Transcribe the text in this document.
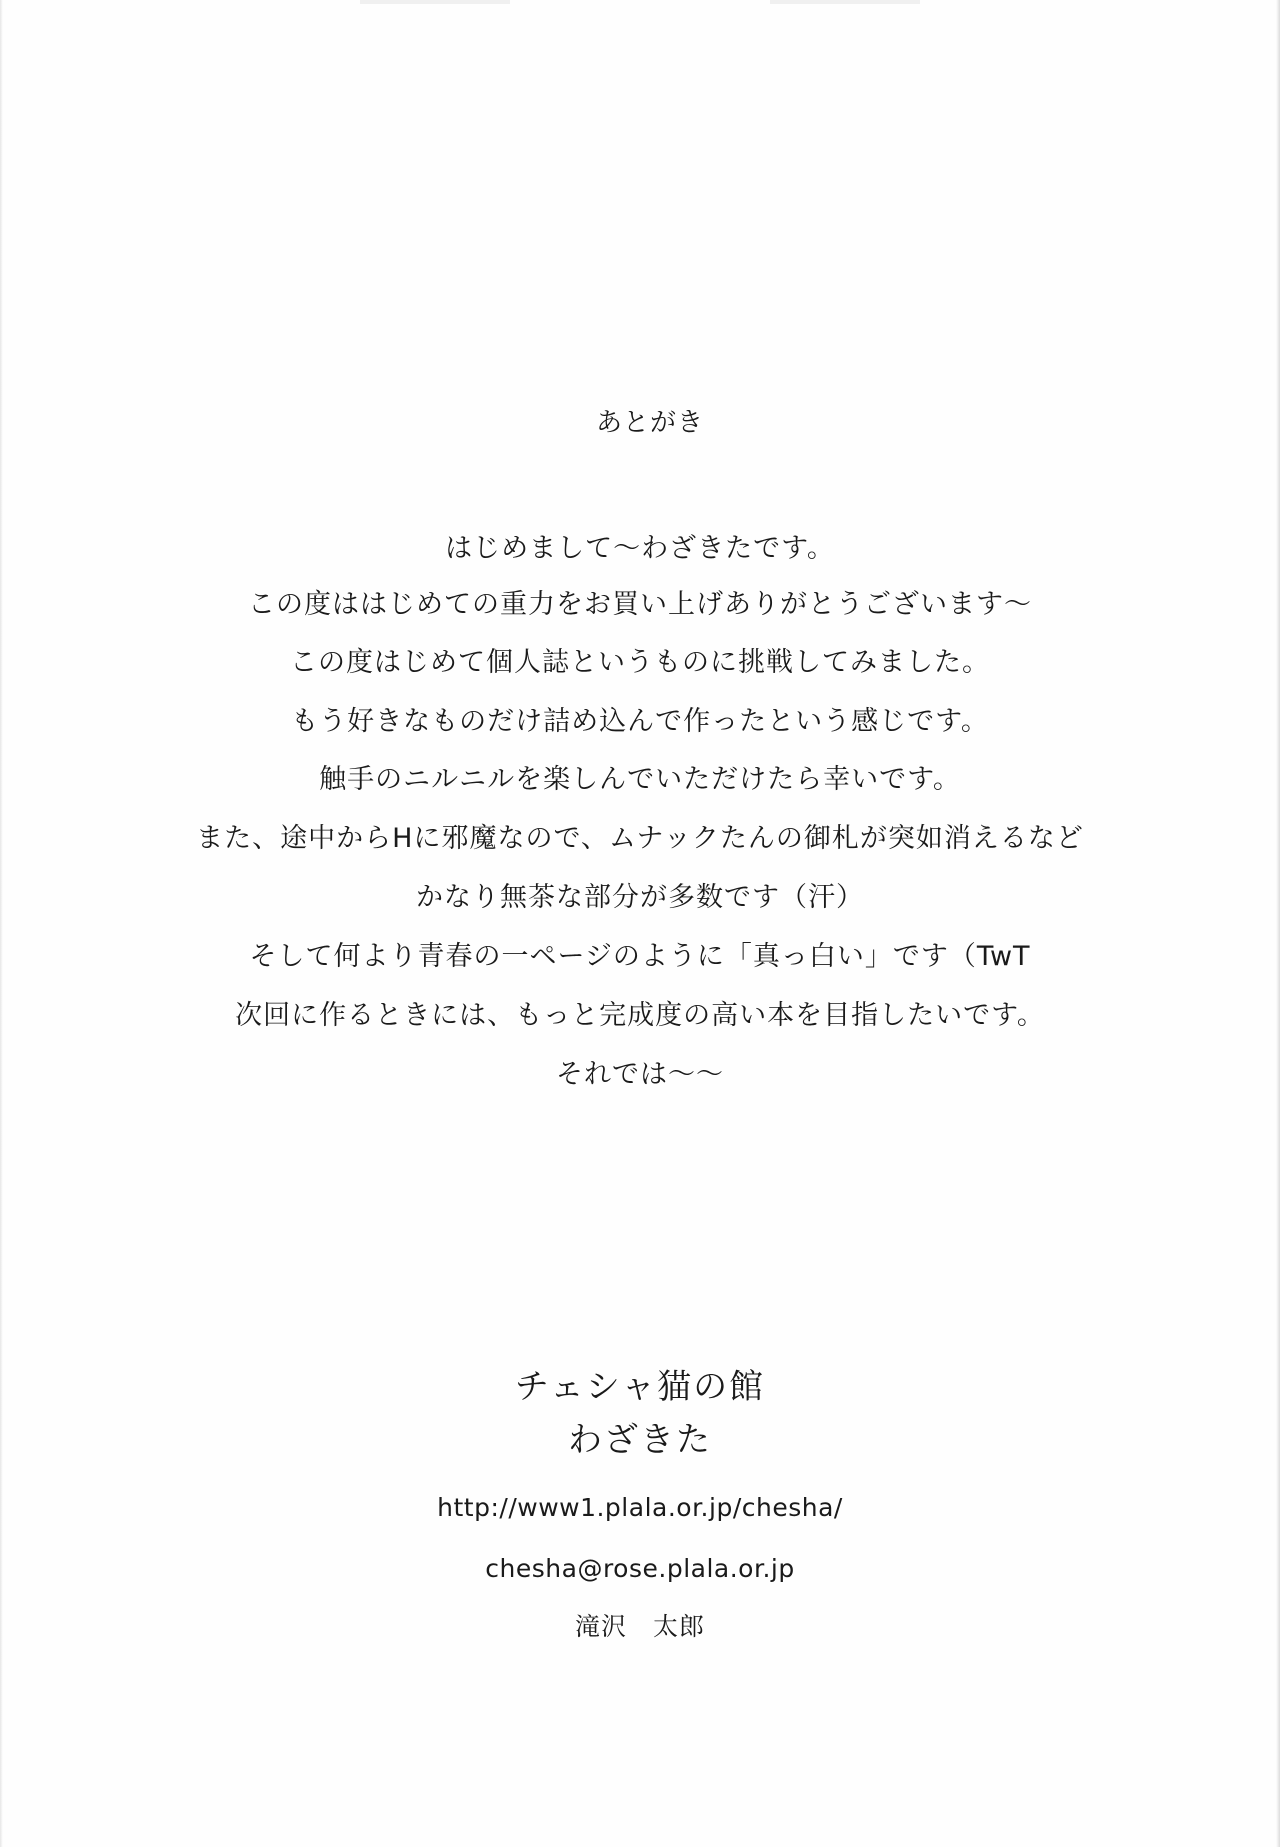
あとがき
はじめまして～わざきたです。
この度ははじめての重力をお買い上げありがとうございます～
この度はじめて個人誌というものに挑戦してみました。
もう好きなものだけ詰め込んで作ったという感じです。
触手のニルニルを楽しんでいただけたら幸いです。
また、途中からHに邪魔なので、ムナックたんの御札が突如消えるなど
かなり無茶な部分が多数です（汗）
そして何より青春の一ページのように「真っ白い」です（TwT
次回に作るときには、もっと完成度の高い本を目指したいです。
それでは～～
チェシャ猫の館
わざきた
http://www1.plala.or.jp/chesha/
chesha@rose.plala.or.jp
滝沢　太郎
